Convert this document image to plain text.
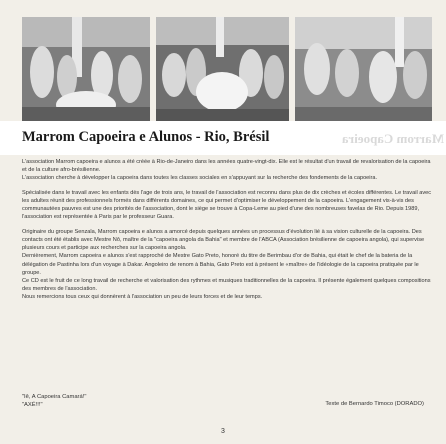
Marrom Capoeira e Alunos - Rio, Brésil	Marrom Capoeira

L'association Marrom capoeira e alunos a été créée à Rio-de-Janeiro dans les années quatre-vingt-dix. Elle est le résultat d'un travail de revalorisation de la capoeira et de la culture afro-brésilienne.

L'association cherche à développer la capoeira dans toutes les classes sociales en s'appuyant sur la recherche des fondements de la capoeira.

Spécialisée dans le travail avec les enfants dès l'age de trois ans, le travail de l'association est reconnu dans plus de dix crèches et écoles différentes. Le travail avec les adultes réunit des professionnels formés dans différents domaines, ce qui permet d'optimiser le développement de la capoeira. L'engagement vis-à-vis des communautées pauvres est une des priorités de l'association, dont le siège se trouve à Copa-Leme au pied d'une des nombreuses favelas de Rio. Depuis 1989, l'association est représentée à Paris par le professeur Guara.

Originaire du groupe Senzala, Marrom capoeira e alunos a amorcé depuis quelques années un processus d'évolution lié à sa vision culturelle de la capoeira. Des contacts ont été établis avec Mestre Nô, maître de la "capoeira angola da Bahia" et membre de l'ABCA (Association brésilienne de capoeira angola), qui supervise plusieurs cours et participe aux recherches sur la capoeira angola.

Dernièrement, Marrom capoeira e alunos s'est rapproché de Mestre Gato Preto, honoré du titre de Berimbau d'or de Bahia, qui était le chef de la bateria de la délégation de Pastinha lors d'un voyage à Dakar. Angoleiro de renom à Bahia, Gato Preto est à présent le «maître» de l'idéologie de la capoeira pratiquée par le groupe.

Ce CD est le fruit de ce long travail de recherche et valorisation des rythmes et musiques traditionnelles de la capoeira. Il présente également quelques compositions des membres de l'association.

Nous remercions tous ceux qui donnèrent à l'association un peu de leurs forces et de leur temps.

"Iê, A Capoeira Camará!"
"AXÉ!!!"	Texte de Bernardo Timoco (DORADO)
3
